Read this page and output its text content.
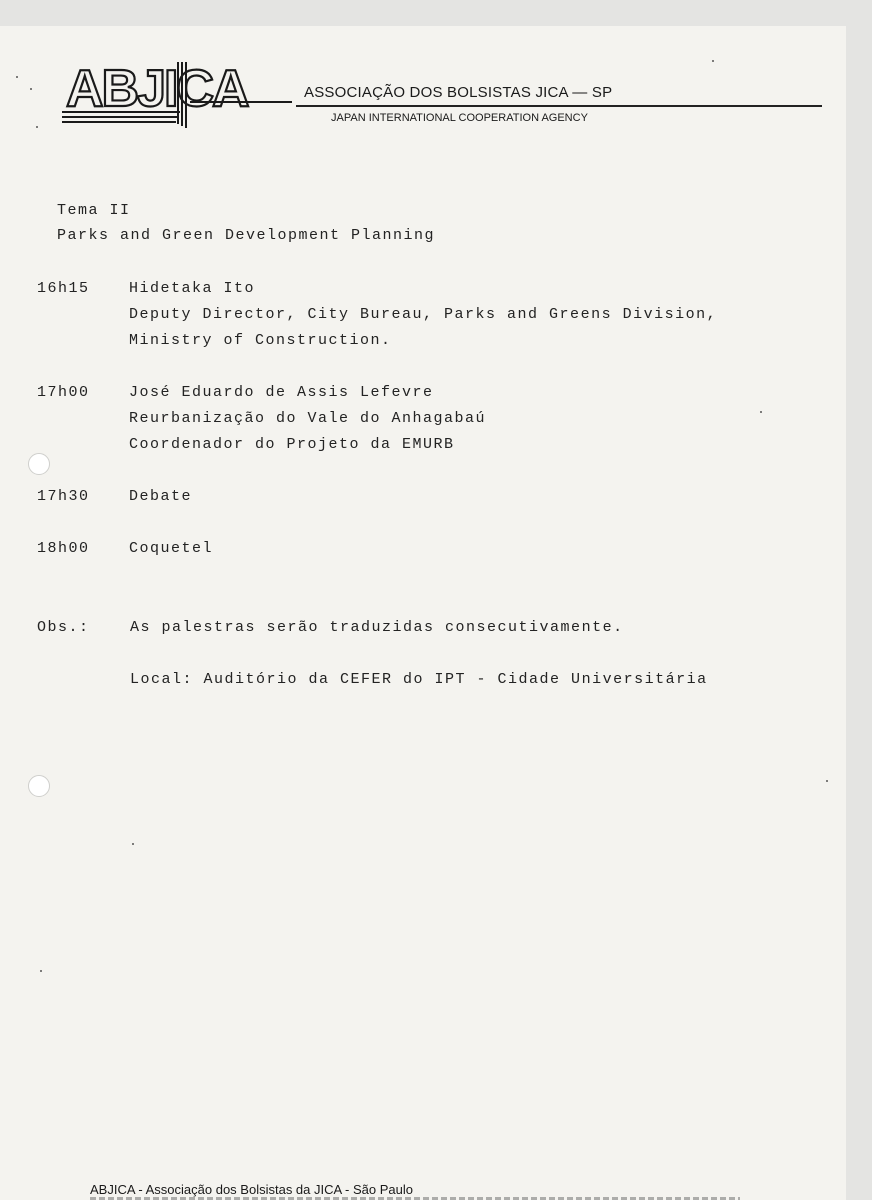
ABJICA	ASSOCIAÇÃO DOS BOLSISTAS JICA — SP
JAPAN INTERNATIONAL COOPERATION AGENCY
Tema II
Parks and Green Development Planning
16h15	Hidetaka Ito
Deputy Director, City Bureau, Parks and Greens Division,
Ministry of Construction.
17h00	José Eduardo de Assis Lefevre
Reurbanização do Vale do Anhagabaú
Coordenador do Projeto da EMURB
17h30	Debate
18h00	Coquetel
Obs.:	As palestras serão traduzidas consecutivamente.
Local: Auditório da CEFER do IPT - Cidade Universitária
ABJICA - Associação dos Bolsistas da JICA - São Paulo
